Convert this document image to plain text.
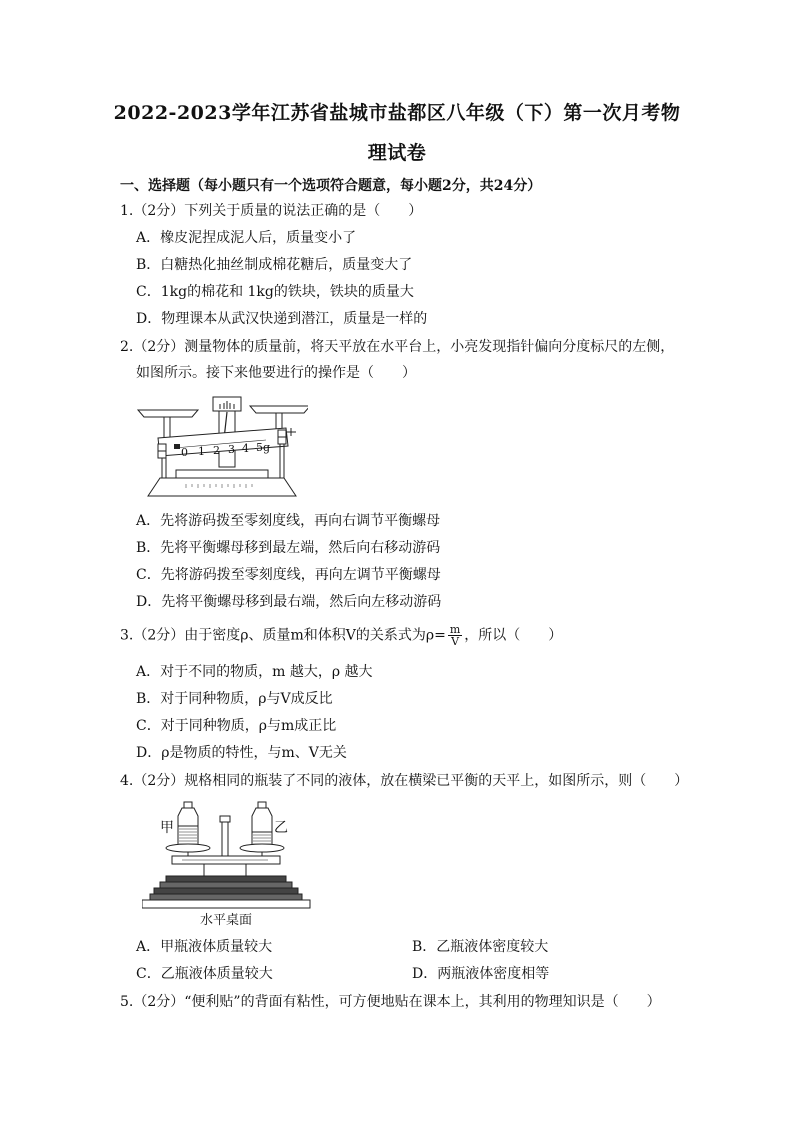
2022-2023学年江苏省盐城市盐都区八年级（下）第一次月考物
理试卷
一、选择题（每小题只有一个选项符合题意，每小题2分，共24分）
1.（2分）下列关于质量的说法正确的是（　　）
A．橡皮泥捏成泥人后，质量变小了
B．白糖热化抽丝制成棉花糖后，质量变大了
C．1kg的棉花和 1kg的铁块，铁块的质量大
D．物理课本从武汉快递到潜江，质量是一样的
2.（2分）测量物体的质量前，将天平放在水平台上，小亮发现指针偏向分度标尺的左侧，
如图所示。接下来他要进行的操作是（　　）
0 1 2 3 4 5g
A．先将游码拨至零刻度线，再向右调节平衡螺母
B．先将平衡螺母移到最左端，然后向右移动游码
C．先将游码拨至零刻度线，再向左调节平衡螺母
D．先将平衡螺母移到最右端，然后向左移动游码
3.（2分）由于密度ρ、质量m和体积V的关系式为$\rho= \frac{m}{V}$ ，所以（　　）
A．对于不同的物质，m 越大，ρ 越大
B．对于同种物质，ρ与V成反比
C．对于同种物质，ρ与m成正比
D．ρ是物质的特性，与m、V无关
4.（2分）规格相同的瓶装了不同的液体，放在横梁已平衡的天平上，如图所示，则（　　）
甲	乙
水平桌面
A．甲瓶液体质量较大	B．乙瓶液体密度较大
C．乙瓶液体质量较大	D．两瓶液体密度相等
5.（2分）“便利贴”的背面有粘性，可方便地贴在课本上，其利用的物理知识是（　　）
